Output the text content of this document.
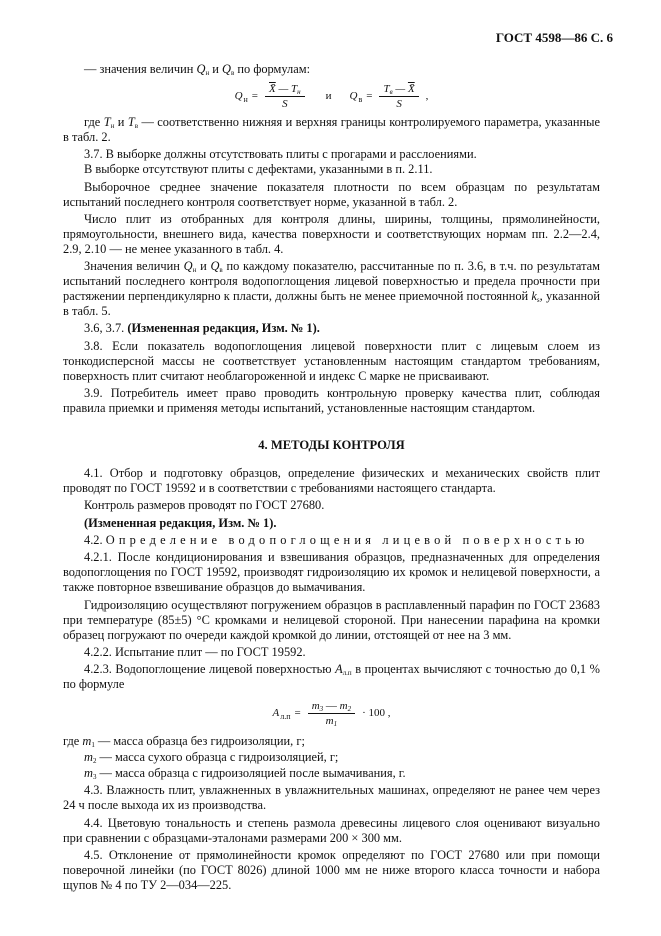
ГОСТ 4598—86 С. 6

— значения величин $Q_н$ и $Q_в$ по формулам:

$Q_н = \frac{X̄ — T_н}{S}$ и $Q_в = \frac{T_в — X̄}{S}$ ,

где $T_н$ и $T_в$ — соответственно нижняя и верхняя границы контролируемого параметра, указанные в табл. 2.

3.7. В выборке должны отсутствовать плиты с прогарами и расслоениями.

В выборке отсутствуют плиты с дефектами, указанными в п. 2.11.

Выборочное среднее значение показателя плотности по всем образцам по результатам испытаний последнего контроля соответствует норме, указанной в табл. 2.

Число плит из отобранных для контроля длины, ширины, толщины, прямолинейности, прямоугольности, внешнего вида, качества поверхности и соответствующих нормам пп. 2.2—2.4, 2.9, 2.10 — не менее указанного в табл. 4.

Значения величин $Q_н$ и $Q_в$ по каждому показателю, рассчитанные по п. 3.6, в т.ч. по результатам испытаний последнего контроля водопоглощения лицевой поверхностью и предела прочности при растяжении перпендикулярно к пласти, должны быть не менее приемочной постоянной $k_s$, указанной в табл. 5.

3.6, 3.7. (Измененная редакция, Изм. № 1).

3.8. Если показатель водопоглощения лицевой поверхности плит с лицевым слоем из тонкодисперсной массы не соответствует установленным настоящим стандартом требованиям, поверхность плит считают необлагороженной и индекс С марке не присваивают.

3.9. Потребитель имеет право проводить контрольную проверку качества плит, соблюдая правила приемки и применяя методы испытаний, установленные настоящим стандартом.

4. МЕТОДЫ КОНТРОЛЯ

4.1. Отбор и подготовку образцов, определение физических и механических свойств плит проводят по ГОСТ 19592 и в соответствии с требованиями настоящего стандарта.

Контроль размеров проводят по ГОСТ 27680.

(Измененная редакция, Изм. № 1).

4.2. Определение водопоглощения лицевой поверхностью

4.2.1. После кондиционирования и взвешивания образцов, предназначенных для определения водопоглощения по ГОСТ 19592, производят гидроизоляцию их кромок и нелицевой поверхности, а также повторное взвешивание образцов до вымачивания.

Гидроизоляцию осуществляют погружением образцов в расплавленный парафин по ГОСТ 23683 при температуре (85±5) °С кромками и нелицевой стороной. При нанесении парафина на кромки образец погружают по очереди каждой кромкой до линии, отстоящей от нее на 3 мм.

4.2.2. Испытание плит — по ГОСТ 19592.

4.2.3. Водопоглощение лицевой поверхностью $A_{л.п}$ в процентах вычисляют с точностью до 0,1 % по формуле

$A_{л.п} = \frac{m_3 — m_2}{m_1} \cdot 100$ ,

где $m_1$ — масса образца без гидроизоляции, г;

$m_2$ — масса сухого образца с гидроизоляцией, г;

$m_3$ — масса образца с гидроизоляцией после вымачивания, г.

4.3. Влажность плит, увлажненных в увлажнительных машинах, определяют не ранее чем через 24 ч после выхода их из производства.

4.4. Цветовую тональность и степень размола древесины лицевого слоя оценивают визуально при сравнении с образцами-эталонами размерами 200 × 300 мм.

4.5. Отклонение от прямолинейности кромок определяют по ГОСТ 27680 или при помощи поверочной линейки (по ГОСТ 8026) длиной 1000 мм не ниже второго класса точности и набора щупов № 4 по ТУ 2—034—225.
